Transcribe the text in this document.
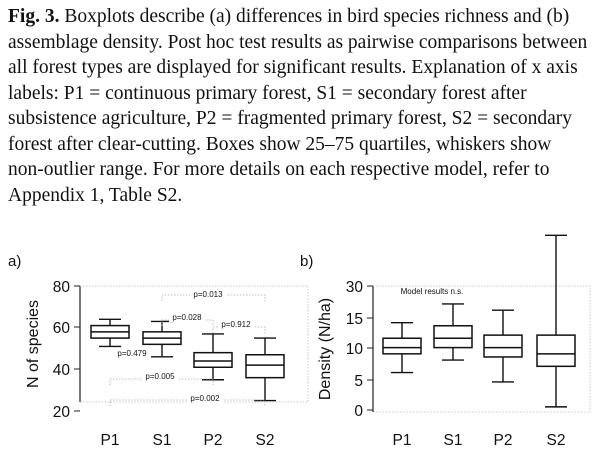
Fig. 3. Boxplots describe (a) differences in bird species richness and (b) assemblage density. Post hoc test results as pairwise comparisons between all forest types are displayed for significant results. Explanation of x axis labels: P1 = continuous primary forest, S1 = secondary forest after subsistence agriculture, P2 = fragmented primary forest, S2 = secondary forest after clear-cutting. Boxes show 25–75 quartiles, whiskers show non-outlier range. For more details on each respective model, refer to Appendix 1, Table S2.
a)
20
40
60
80
N of species
P1 S1 P2 S2
p=0.013
p=0.028
p=0.912
p=0.479
p=0.005
p=0.002
b)
0
5
10
15
30
Density (N/ha)
P1 S1 P2 S2
Model results n.s.
